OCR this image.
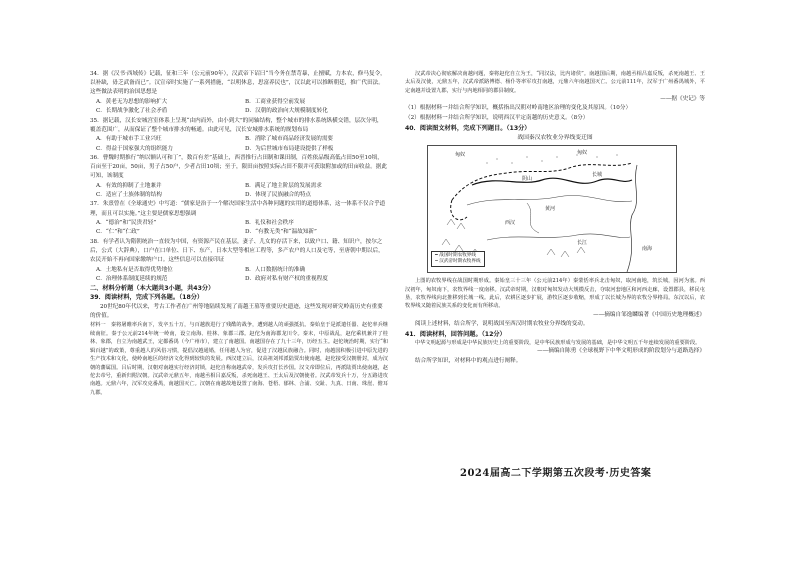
34．据《汉书·西域传》记载，征和三年（公元前90年），汉武帝下诏曰“当今务在禁苛暴，止擅赋，力本农，修马复令，以补缺，毋乏武备而已”。汉宣帝时实施了一系列措施，“以明休息，思富养民也”，汉以此可以推断朝廷，推广代田法。这些做法表明的治国思想是

A．黄老无为思想的影响扩大	B．工商业获得空前发展
C．长期战争激化了社会矛盾	D．汉朝的政治向大规模制度转化

35．据记载，汉长安城宫室体系上呈现“由内而外，由小到大”的同轴结构，整个城市的排水系统纵横交错，层次分明，覆盖范围广，从而保证了整个城市排水的畅通。由此可见，汉长安城排水系统的规划布局

A．有助于城市手工业兴旺	B．消除了城市商品经济发展的需要
C．得益于国家强大的组织能力	D．为后世城市布局建设提供了样板

36．曹魏时期推行“纳以额认可和丁”，数百有差”基础上，西晋推行占田制和课田制，百姓依品级高低占田50至10顷，百亩至于20亩，50亩，男子占50户，少者占田10顷；至于，限田亩按照实际占田不限并可获取附加或的田亩收益。据此可知，该制度

A．有效的抑制了土地兼并	B．满足了地主阶层的发展需求
C．适应了士族体制的结构	D．体现了民族融合的特点

37．朱熹曾在《全球通史》中写道：“儒家是治于一个解决国家生活中各种问题的实用的道德体系，这一体系不仅合乎道理，而且可以实施。”这主要是儒家思想强调

A．“德治”和“民贵君轻”	B．礼仪和社会秩序
C．“仁”和“仁政”	D．“有教无类”和“温故知新”

38．有学者认为隋朝统治一直较为中国，有资源产民在基层，妻子、儿女的存活下来，以致户口、籍、知识户，按尔之后，公式（大辞典），口户在口单位、日下、东产，日本大型等相应工程等，多产农户的人口及宅等，至唐朝中期以后，农民开始不再向国家缴纳户口。这些信息可以直接印证

A．土地私有是否取得优势地位	B．人口数据统计的准确
C．治理体系制度延续的规范	D．政府对私有财产权的重视程度

二、材料分析题（本大题共3小题，共43分）

39．阅读材料，完成下列各题。（18分）

20世纪80年代以来，考古工作者在广州等地陆续发现了南越王墓等重要历史遗迹，这些发现对研究岭南历史有重要的价值。

材料一　秦将屠睢率兵南下，发卒五十万，与百越族进行了残酷的战争，遭到越人的顽强抵抗。秦始皇于是派遣任嚣、赵佗率兵继续南征。秦于公元前214年统一岭南，设立南海、桂林、象郡三郡。赵佗为南海郡龙川令。秦末，中原战乱，赵佗乘机兼并了桂林、象郡，自立为南越武王，定都番禺（今广州市），建立了南越国。南越国存在了九十三年，历经五主。赵佗统治时期，实行“和辑百越”的政策，尊重越人的风俗习惯，提倡汉越通婚，任用越人为官，促进了汉越民族融合。同时，南越国积极引进中原先进的生产技术和文化，使岭南地区的经济文化得到较快的发展。西汉建立后，汉高祖刘邦派陆贾出使南越，赵佗接受汉朝册封，成为汉朝的藩属国。吕后时期，汉朝对南越实行经济封锁，赵佗自称南越武帝，发兵攻打长沙国。汉文帝即位后，再派陆贾出使南越，赵佗去帝号，重新归附汉朝。汉武帝元鼎五年，南越丞相吕嘉反叛，杀死南越王、王太后及汉朝使者。汉武帝发兵十万，分五路进攻南越。元鼎六年，汉军攻克番禺，南越国灭亡。汉朝在南越故地设置了南海、苍梧、郁林、合浦、交趾、九真、日南、珠崖、儋耳九郡。

汉武帝决心彻底解决南越问题，秦将赵佗自立为王，“同汉法，比内诸侯”。南越国后期，南越丞相吕嘉反叛，杀死南越王、王太后及汉使，元鼎五年，汉武帝派路博德、杨仆等率军攻打南越，元鼎六年南越国灭亡。公元前111年，汉军于广州番禺城外，平定南越并设置九郡，实行与内地相同的郡县制度。

——据《史记》等

（1）根据材料一并结合所学知识，概括指出汉朝对岭南地区治理的变化及其原因。（10分）

（2）根据材料一并结合所学知识，说明西汉平定南越的历史意义。（8分）

40．阅读图文材料，完成下列题目。（13分）

战国秦汉农牧业分界线变迁图

匈奴	匈奴
阴山
长城
黄河
长江
西汉
南海
━ 战国时期农牧界线
┅ 汉武帝时期农牧界线

上图的农牧界线在战国时期形成。秦始皇三十三年（公元前214年）秦蒙恬率兵北击匈奴，取河南地，筑长城，因河为塞。西汉初年，匈奴南下，农牧界线一度南移。汉武帝时期，汉朝对匈奴发动大规模反击，夺取河套地区和河西走廊，设置郡县，移民屯垦，农牧界线向北推移到长城一线。此后，农耕区逐步扩展，游牧区逐步收缩，形成了以长城为界的农牧分界格局。东汉以后，农牧界线又随着民族关系的变化而有所移动。

——摘编自邹逸麟编著《中国历史地理概述》

阅读上述材料，结合所学，说明战国至西汉时期农牧业分界线的变动。

41．阅读材料，回答问题。（12分）

中华文明起源与形成是中华民族历史上的重要阶段，是中华民族形成与发展的基础，是中华文明五千年连续发展的重要阶段。

——摘编自陈勇《全球视野下中华文明形成的阶段划分与道路选择》

结合所学知识，对材料中的观点进行阐释。

2024届高二下学期第五次段考·历史答案
